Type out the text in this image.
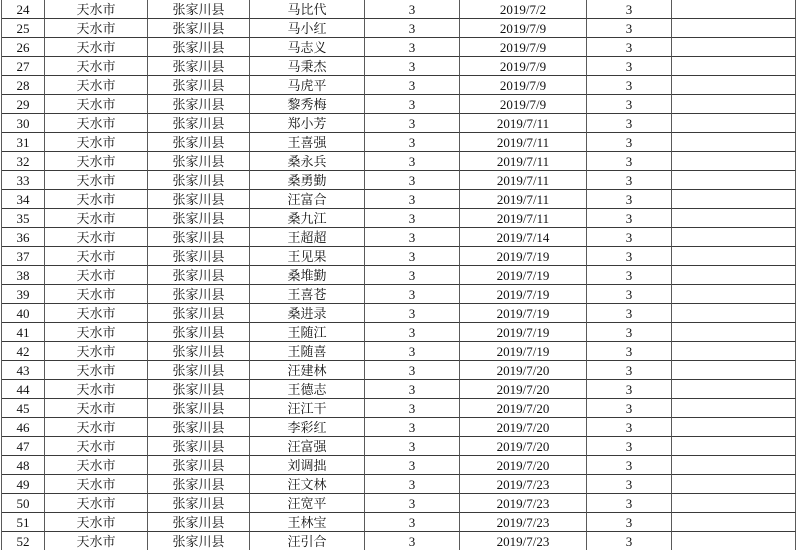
24	天水市	张家川县	马比代	3	2019/7/2	3
25	天水市	张家川县	马小红	3	2019/7/9	3
26	天水市	张家川县	马志义	3	2019/7/9	3
27	天水市	张家川县	马秉杰	3	2019/7/9	3
28	天水市	张家川县	马虎平	3	2019/7/9	3
29	天水市	张家川县	黎秀梅	3	2019/7/9	3
30	天水市	张家川县	郑小芳	3	2019/7/11	3
31	天水市	张家川县	王喜强	3	2019/7/11	3
32	天水市	张家川县	桑永兵	3	2019/7/11	3
33	天水市	张家川县	桑勇勤	3	2019/7/11	3
34	天水市	张家川县	汪富合	3	2019/7/11	3
35	天水市	张家川县	桑九江	3	2019/7/11	3
36	天水市	张家川县	王超超	3	2019/7/14	3
37	天水市	张家川县	王见果	3	2019/7/19	3
38	天水市	张家川县	桑堆勤	3	2019/7/19	3
39	天水市	张家川县	王喜苍	3	2019/7/19	3
40	天水市	张家川县	桑进录	3	2019/7/19	3
41	天水市	张家川县	王随江	3	2019/7/19	3
42	天水市	张家川县	王随喜	3	2019/7/19	3
43	天水市	张家川县	汪建林	3	2019/7/20	3
44	天水市	张家川县	王德志	3	2019/7/20	3
45	天水市	张家川县	汪江干	3	2019/7/20	3
46	天水市	张家川县	李彩红	3	2019/7/20	3
47	天水市	张家川县	汪富强	3	2019/7/20	3
48	天水市	张家川县	刘调拙	3	2019/7/20	3
49	天水市	张家川县	汪文林	3	2019/7/23	3
50	天水市	张家川县	汪宽平	3	2019/7/23	3
51	天水市	张家川县	王林宝	3	2019/7/23	3
52	天水市	张家川县	汪引合	3	2019/7/23	3
